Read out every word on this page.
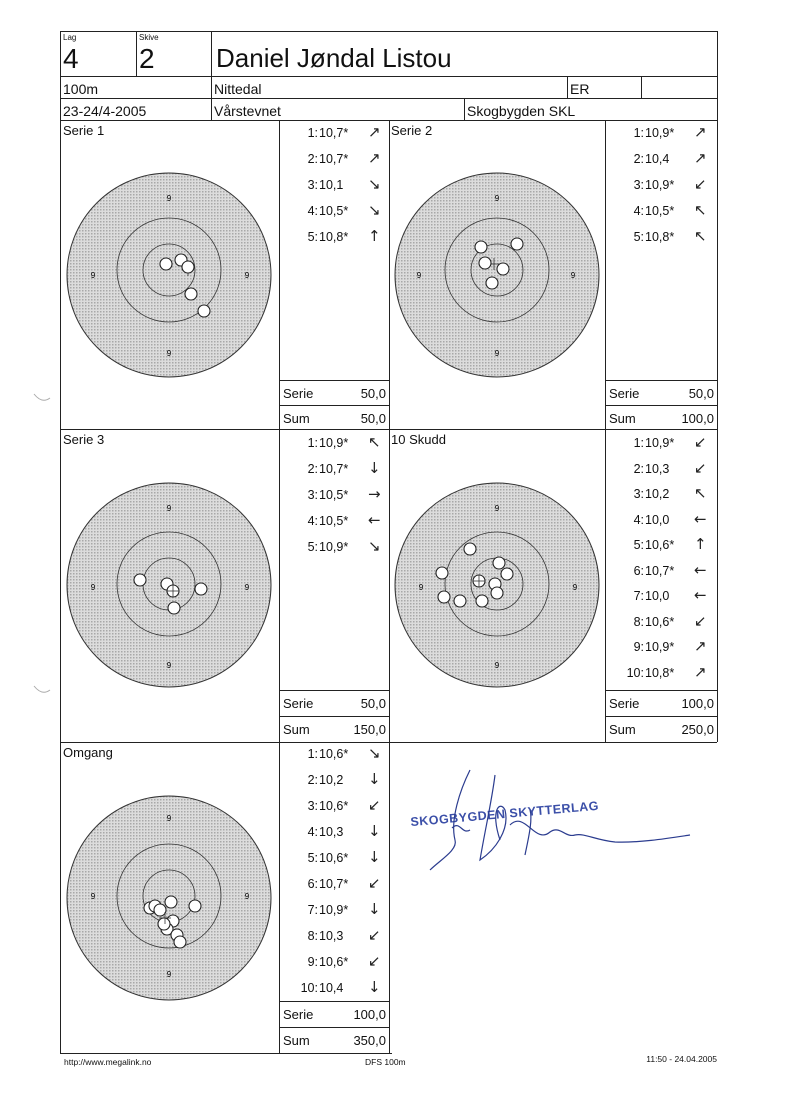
Lag
4
Skive
2 Daniel Jøndal Listou
100m	Nittedal	ER
23-24/4-2005	Vårstevnet	Skogbygden SKL
Serie 1	Serie 2
Serie 3	10 Skudd
Omgang
9
9	9
9
9
9	9
9
9
9	9
9
9
9	9
9
9
9	9
9
1: 10,7* ↗
2: 10,7* ↗
3: 10,1 ↘
4: 10,5* ↘
5: 10,8* ↑
1: 10,9* ↗
2: 10,4 ↗
3: 10,9* ↙
4: 10,5* ↖
5: 10,8* ↖
1: 10,9* ↖
2: 10,7* ↓
3: 10,5* →
4: 10,5* ←
5: 10,9* ↘
1: 10,9* ↙
2: 10,3 ↙
3: 10,2 ↖
4: 10,0 ←
5: 10,6* ↑
6: 10,7* ←
7: 10,0 ←
8: 10,6* ↙
9: 10,9* ↗
10: 10,8* ↗
1: 10,6* ↘
2: 10,2 ↓
3: 10,6* ↙
4: 10,3 ↓
5: 10,6* ↓
6: 10,7* ↙
7: 10,9* ↓
8: 10,3 ↙
9: 10,6* ↙
10: 10,4 ↓
Serie	50,0
Sum	50,0
Serie	50,0
Sum	100,0
Serie	50,0
Sum	150,0
Serie	100,0
Sum	250,0
Serie	100,0
Sum	350,0
SKOGBYGDEN SKYTTERLAG
http://www.megalink.no	DFS 100m	11:50 - 24.04.2005
